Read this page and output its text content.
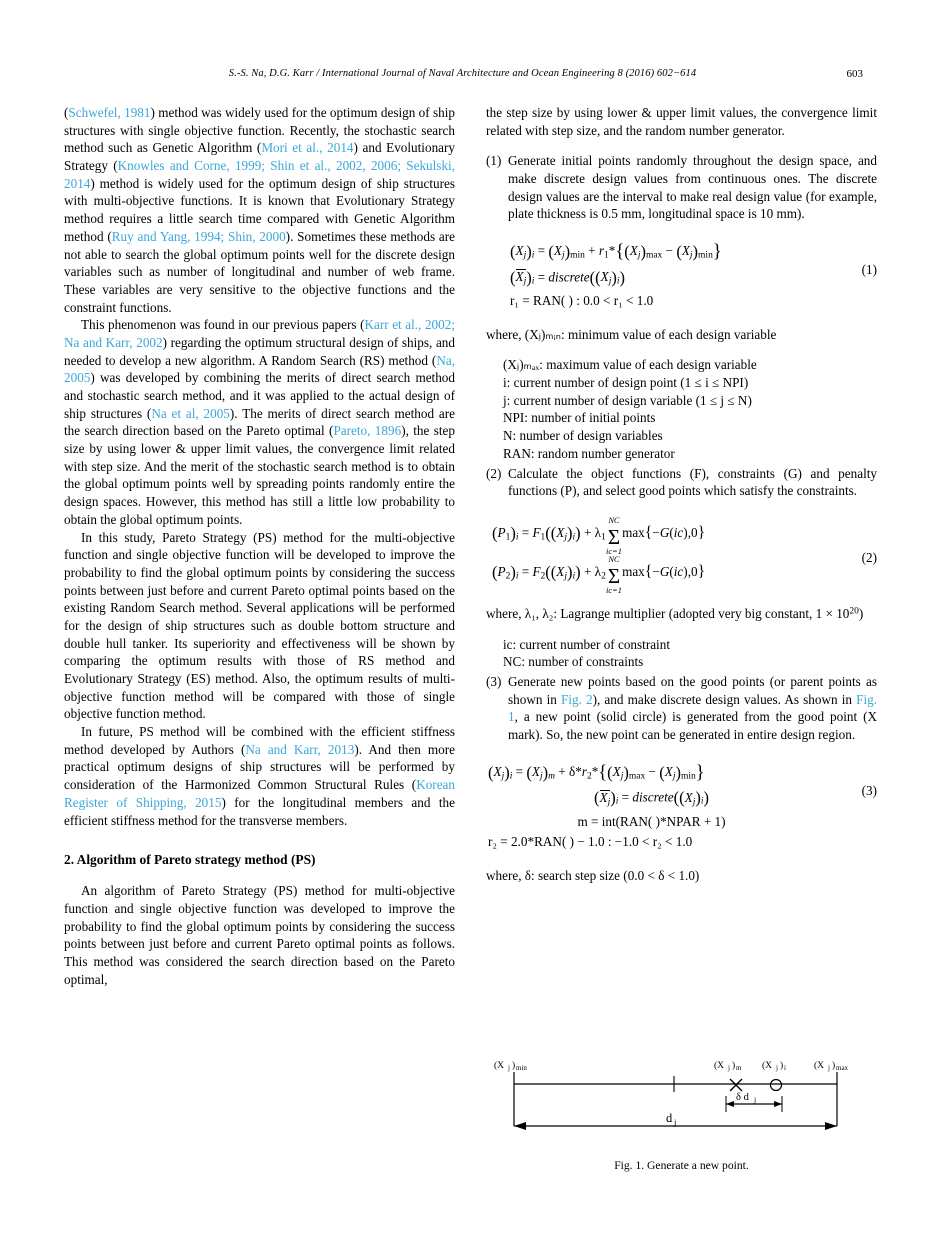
S.-S. Na, D.G. Karr / International Journal of Naval Architecture and Ocean Engineering 8 (2016) 602−614	603

(Schwefel, 1981) method was widely used for the optimum design of ship structures with single objective function. Recently, the stochastic search method such as Genetic Algorithm (Mori et al., 2014) and Evolutionary Strategy (Knowles and Corne, 1999; Shin et al., 2002, 2006; Sekulski, 2014) method is widely used for the optimum design of ship structures with multi-objective functions. It is known that Evolutionary Strategy method requires a little search time compared with Genetic Algorithm method (Ruy and Yang, 1994; Shin, 2000). Sometimes these methods are not able to search the global optimum points well for the discrete design variables such as number of longitudinal and number of web frame. These variables are very sensitive to the objective functions and the constraint functions.

This phenomenon was found in our previous papers (Karr et al., 2002; Na and Karr, 2002) regarding the optimum structural design of ships, and needed to develop a new algorithm. A Random Search (RS) method (Na, 2005) was developed by combining the merits of direct search method and stochastic search method, and it was applied to the actual design of ship structures (Na et al, 2005). The merits of direct search method are the search direction based on the Pareto optimal (Pareto, 1896), the step size by using lower & upper limit values, the convergence limit related with step size. And the merit of the stochastic search method is to obtain the global optimum points well by spreading points randomly entire the design spaces. However, this method has still a little low probability to obtain the global optimum points.

In this study, Pareto Strategy (PS) method for the multi-objective function and single objective function will be developed to improve the probability to find the global optimum points by considering the success points between just before and current Pareto optimal points based on the existing Random Search method. Several applications will be performed for the design of ship structures such as double bottom structure and double hull tanker. Its superiority and effectiveness will be shown by comparing the optimum results with those of RS method and Evolutionary Strategy (ES) method. Also, the optimum results of multi-objective function method will be compared with those of single objective function method.

In future, PS method will be combined with the efficient stiffness method developed by Authors (Na and Karr, 2013). And then more practical optimum designs of ship structures will be performed by consideration of the Harmonized Common Structural Rules (Korean Register of Shipping, 2015) for the longitudinal members and the efficient stiffness method for the transverse members.

2. Algorithm of Pareto strategy method (PS)

An algorithm of Pareto Strategy (PS) method for multi-objective function and single objective function was developed to improve the probability to find the global optimum points by considering the success points between just before and current Pareto optimal points as follows. This method was considered the search direction based on the Pareto optimal,

the step size by using lower & upper limit values, the convergence limit related with step size, and the random number generator.

(1) Generate initial points randomly throughout the design space, and make discrete design values from continuous ones. The discrete design values are the interval to make real design value (for example, plate thickness is 0.5 mm, longitudinal space is 10 mm).
(1)
$(X_j)_i = (X_j)_{min} + r_1*\{(X_j)_{max} - (X_j)_{min}\}$
$(X_j)_i$ = $discrete((X_j)_i)$
r₁ = RAN( ) : 0.0 < r₁ < 1.0

where, (Xⱼ)ₘᵢₙ: minimum value of each design variable

(Xⱼ)ₘₐₓ: maximum value of each design variable

i: current number of design point (1 ≤ i ≤ NPI)

j: current number of design variable (1 ≤ j ≤ N)

NPI: number of initial points

N: number of design variables

RAN: random number generator

(2) Calculate the object functions (F), constraints (G) and penalty functions (P), and select good points which satisfy the constraints.
(2)
$(P_1)_i = F_1((X_j)_i) + \lambda_1\Sigma$
NC
ic=1
max{−G(ic),0}
$(P_2)_i = F_2((X_j)_i) + \lambda_2\Sigma$
NC
ic=1
max{−G(ic),0}

where, λ₁, λ₂: Lagrange multiplier (adopted very big constant, $1 \times 10^{20}$)

ic: current number of constraint

NC: number of constraints

(3) Generate new points based on the good points (or parent points as shown in Fig. 2), and make discrete design values. As shown in Fig. 1, a new point (solid circle) is generated from the good point (X mark). So, the new point can be generated in entire design region.
(3)
$(X_j)_i = (X_j)_m + \delta*r_2*\{(X_j)_{max} - (X_j)_{min}\}$
$(X_j)_i$ = $discrete((X_j)_i)$
m = int(RAN( )*NPAR + 1)
r₂ = 2.0*RAN( ) − 1.0 : −1.0 < r₂ < 1.0

where, δ: search step size (0.0 < δ < 1.0)

(X j ) min	(X j ) m (X j ) i	(X j ) max
δ d j
d j
Fig. 1. Generate a new point.
